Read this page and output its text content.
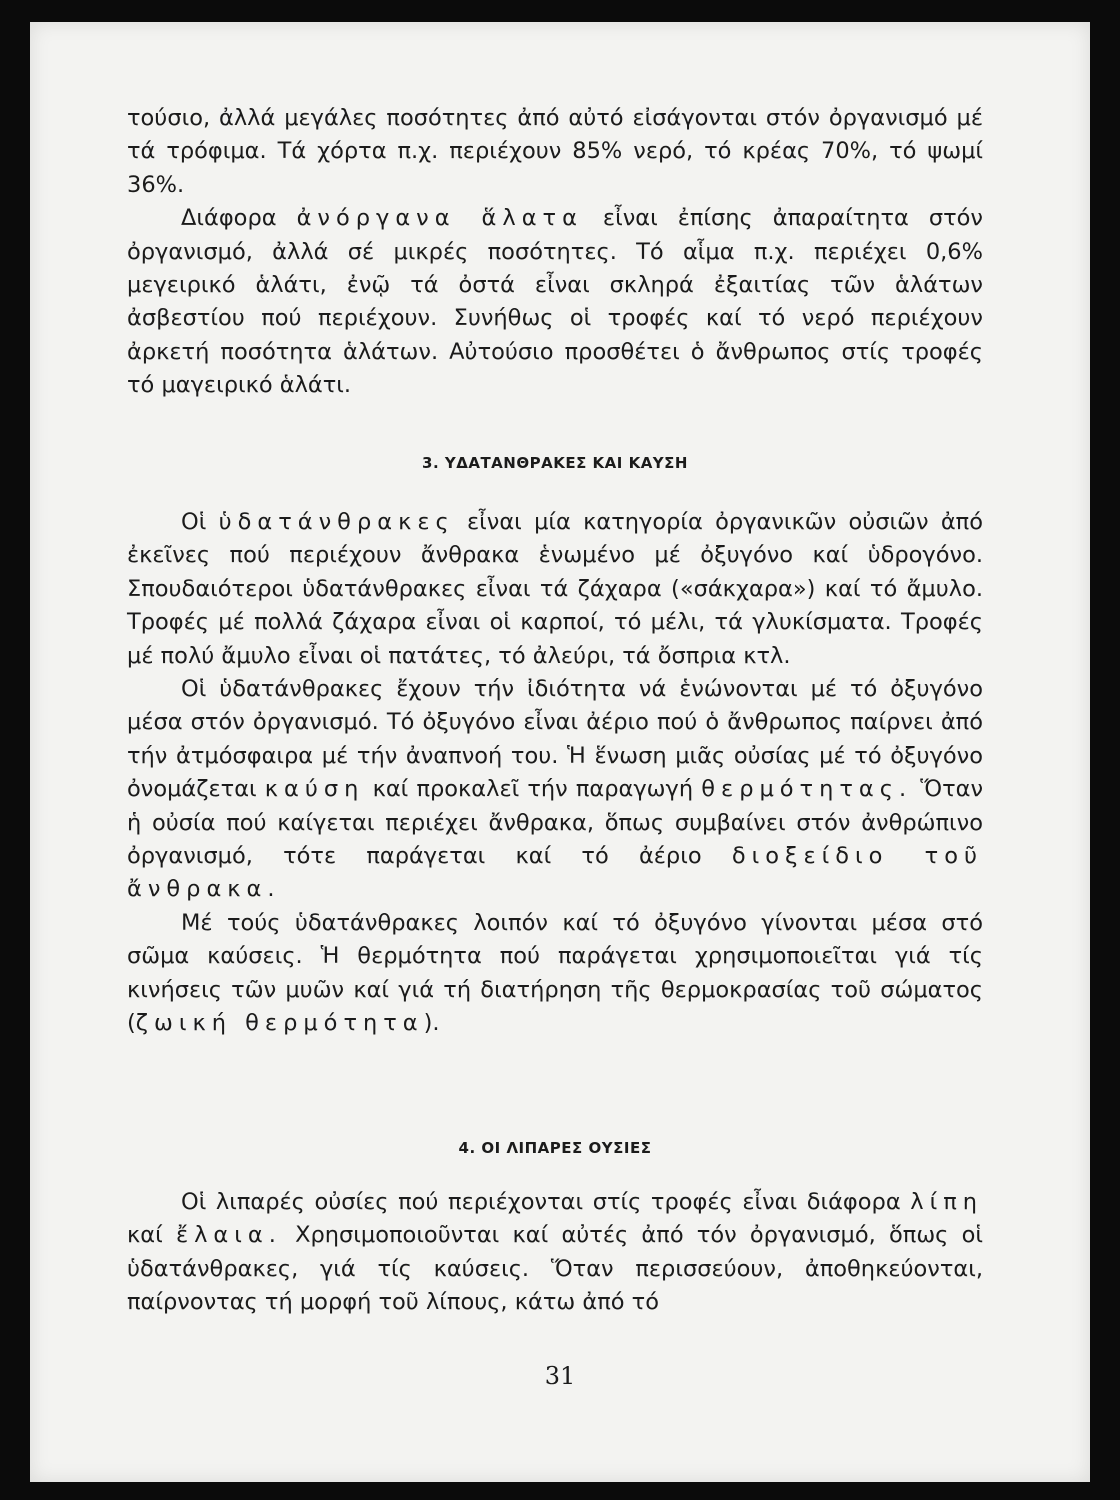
τούσιο, ἀλλά μεγάλες ποσότητες ἀπό αὐτό εἰσάγονται στόν ὀργανισμό μέ τά τρόφιμα. Τά χόρτα π.χ. περιέχουν 85% νερό, τό κρέας 70%, τό ψωμί 36%.

Διάφορα ἀνόργανα ἅλατα εἶναι ἐπίσης ἀπαραίτητα στόν ὀργανισμό, ἀλλά σέ μικρές ποσότητες. Τό αἷμα π.χ. περιέχει 0,6% μεγειρικό ἁλάτι, ἐνῷ τά ὀστά εἶναι σκληρά ἐξαιτίας τῶν ἁλάτων ἀσβεστίου πού περιέχουν. Συνήθως οἱ τροφές καί τό νερό περιέχουν ἀρκετή ποσότητα ἁλάτων. Αὐτούσιο προσθέτει ὁ ἄνθρωπος στίς τροφές τό μαγειρικό ἁλάτι.

3. ΥΔΑΤΑΝΘΡΑΚΕΣ ΚΑΙ ΚΑΥΣΗ

Οἱ ὑδατάνθρακες εἶναι μία κατηγορία ὀργανικῶν οὐσιῶν ἀπό ἐκεῖνες πού περιέχουν ἄνθρακα ἑνωμένο μέ ὀξυγόνο καί ὑδρογόνο. Σπουδαιότεροι ὑδατάνθρακες εἶναι τά ζάχαρα («σάκχαρα») καί τό ἄμυλο. Τροφές μέ πολλά ζάχαρα εἶναι οἱ καρποί, τό μέλι, τά γλυκίσματα. Τροφές μέ πολύ ἄμυλο εἶναι οἱ πατάτες, τό ἀλεύρι, τά ὄσπρια κτλ.

Οἱ ὑδατάνθρακες ἔχουν τήν ἰδιότητα νά ἑνώνονται μέ τό ὀξυγόνο μέσα στόν ὀργανισμό. Τό ὀξυγόνο εἶναι ἀέριο πού ὁ ἄνθρωπος παίρνει ἀπό τήν ἀτμόσφαιρα μέ τήν ἀναπνοή του. Ἡ ἕνωση μιᾶς οὐσίας μέ τό ὀξυγόνο ὀνομάζεται καύση καί προκαλεῖ τήν παραγωγή θερμότητας. Ὅταν ἡ οὐσία πού καίγεται περιέχει ἄνθρακα, ὅπως συμβαίνει στόν ἀνθρώπινο ὀργανισμό, τότε παράγεται καί τό ἀέριο διοξείδιο τοῦ ἄνθρακα.

Μέ τούς ὑδατάνθρακες λοιπόν καί τό ὀξυγόνο γίνονται μέσα στό σῶμα καύσεις. Ἡ θερμότητα πού παράγεται χρησιμοποιεῖται γιά τίς κινήσεις τῶν μυῶν καί γιά τή διατήρηση τῆς θερμοκρασίας τοῦ σώματος (ζωική θερμότητα).

4. ΟΙ ΛΙΠΑΡΕΣ ΟΥΣΙΕΣ

Οἱ λιπαρές οὐσίες πού περιέχονται στίς τροφές εἶναι διάφορα λίπη καί ἔλαια. Χρησιμοποιοῦνται καί αὐτές ἀπό τόν ὀργανισμό, ὅπως οἱ ὑδατάνθρακες, γιά τίς καύσεις. Ὅταν περισσεύουν, ἀποθηκεύονται, παίρνοντας τή μορφή τοῦ λίπους, κάτω ἀπό τό

31
